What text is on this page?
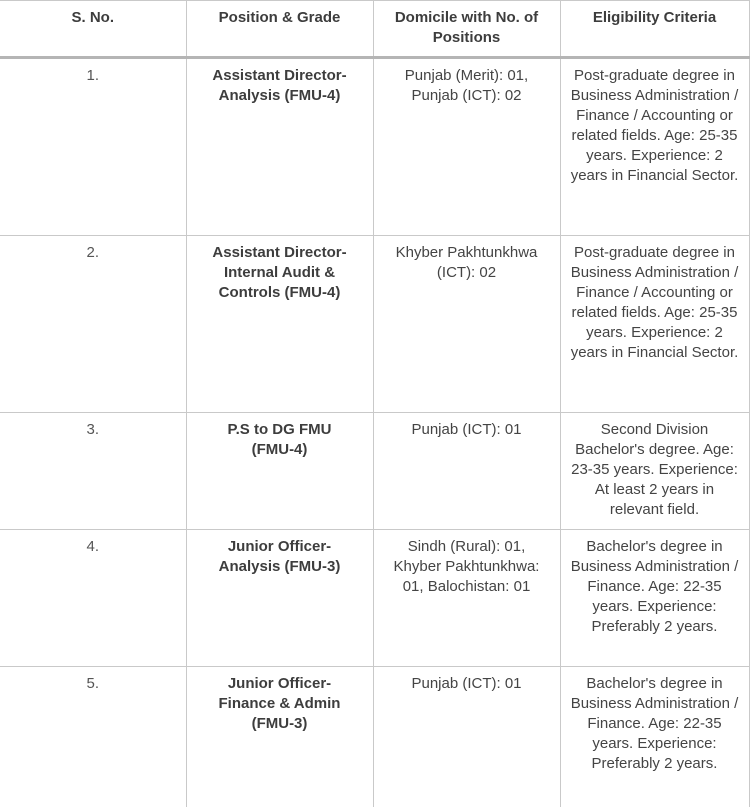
S. No.	Position & Grade	Domicile with No. of Positions	Eligibility Criteria
1.	Assistant Director-Analysis (FMU-4)	Punjab (Merit): 01, Punjab (ICT): 02	Post-graduate degree in Business Administration / Finance / Accounting or related fields. Age: 25-35 years. Experience: 2 years in Financial Sector.
2.	Assistant Director-Internal Audit & Controls (FMU-4)	Khyber Pakhtunkhwa (ICT): 02	Post-graduate degree in Business Administration / Finance / Accounting or related fields. Age: 25-35 years. Experience: 2 years in Financial Sector.
3.	P.S to DG FMU (FMU-4)	Punjab (ICT): 01	Second Division Bachelor's degree. Age: 23-35 years. Experience: At least 2 years in relevant field.
4.	Junior Officer-Analysis (FMU-3)	Sindh (Rural): 01, Khyber Pakhtunkhwa: 01, Balochistan: 01	Bachelor's degree in Business Administration / Finance. Age: 22-35 years. Experience: Preferably 2 years.
5.	Junior Officer-Finance & Admin (FMU-3)	Punjab (ICT): 01	Bachelor's degree in Business Administration / Finance. Age: 22-35 years. Experience: Preferably 2 years.
